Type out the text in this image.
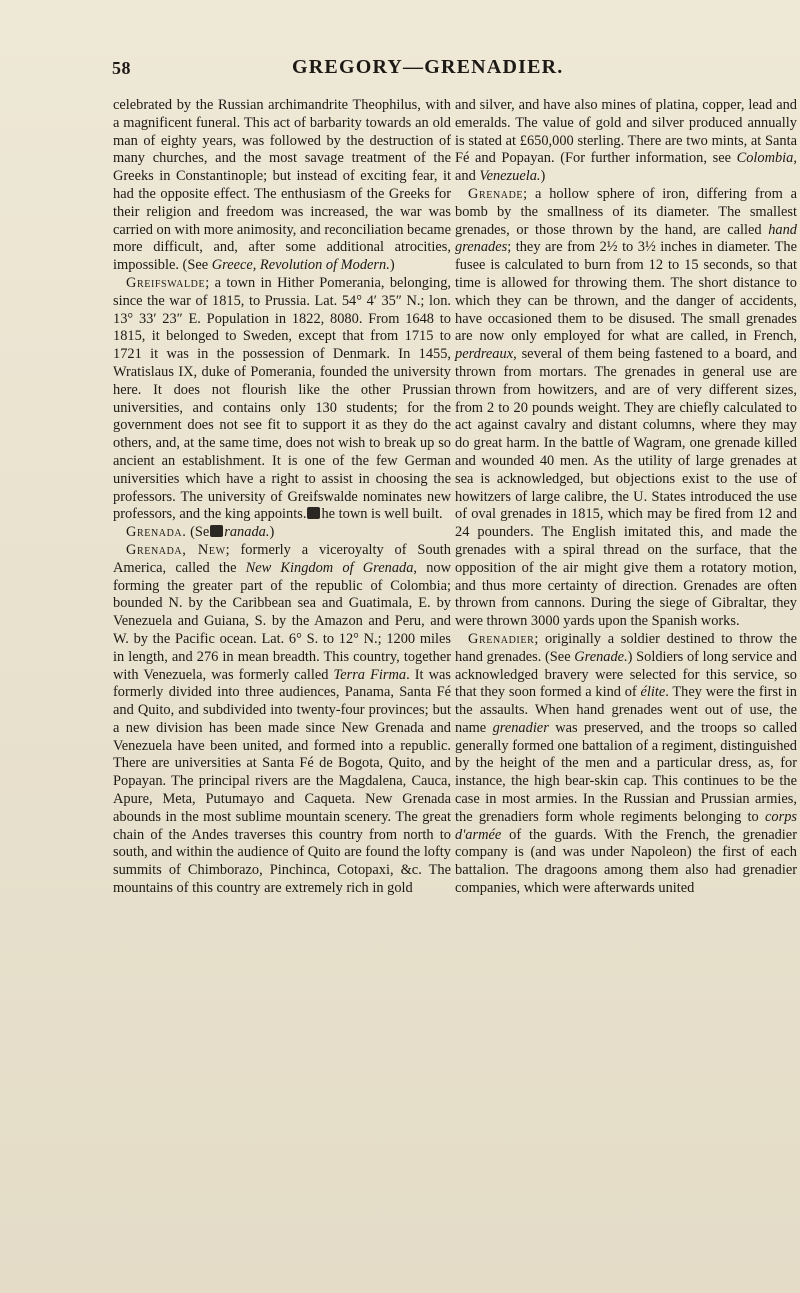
58	GREGORY—GRENADIER.

celebrated by the Russian archimandrite Theophilus, with a magnificent funeral. This act of barbarity towards an old man of eighty years, was followed by the destruction of many churches, and the most savage treatment of the Greeks in Constantinople; but instead of exciting fear, it had the opposite effect. The enthusiasm of the Greeks for their religion and freedom was increased, the war was carried on with more animosity, and reconciliation became more difficult, and, after some additional atrocities, impossible. (See Greece, Revolution of Modern.)

Greifswalde; a town in Hither Pomerania, belonging, since the war of 1815, to Prussia. Lat. 54° 4′ 35″ N.; lon. 13° 33′ 23″ E. Population in 1822, 8080. From 1648 to 1815, it belonged to Sweden, except that from 1715 to 1721 it was in the possession of Denmark. In 1455, Wratislaus IX, duke of Pomerania, founded the university here. It does not flourish like the other Prussian universities, and contains only 130 students; for the government does not see fit to support it as they do the others, and, at the same time, does not wish to break up so ancient an establishment. It is one of the few German universities which have a right to assist in choosing the professors. The university of Greifswalde nominates new professors, and the king appoints. he town is well built.

Grenada. (Se ranada.)

Grenada, New; formerly a viceroyalty of South America, called the New Kingdom of Grenada, now forming the greater part of the republic of Colombia; bounded N. by the Caribbean sea and Guatimala, E. by Venezuela and Guiana, S. by the Amazon and Peru, and W. by the Pacific ocean. Lat. 6° S. to 12° N.; 1200 miles in length, and 276 in mean breadth. This country, together with Venezuela, was formerly called Terra Firma. It was formerly divided into three audiences, Panama, Santa Fé and Quito, and subdivided into twenty-four provinces; but a new division has been made since New Grenada and Venezuela have been united, and formed into a republic. There are universities at Santa Fé de Bogota, Quito, and Popayan. The principal rivers are the Magdalena, Cauca, Apure, Meta, Putumayo and Caqueta. New Grenada abounds in the most sublime mountain scenery. The great chain of the Andes traverses this country from north to south, and within the audience of Quito are found the lofty summits of Chimborazo, Pinchinca, Cotopaxi, &c. The mountains of this country are extremely rich in gold

and silver, and have also mines of platina, copper, lead and emeralds. The value of gold and silver produced annually is stated at £650,000 sterling. There are two mints, at Santa Fé and Popayan. (For further information, see Colombia, and Venezuela.)

Grenade; a hollow sphere of iron, differing from a bomb by the smallness of its diameter. The smallest grenades, or those thrown by the hand, are called hand grenades; they are from 2½ to 3½ inches in diameter. The fusee is calculated to burn from 12 to 15 seconds, so that time is allowed for throwing them. The short distance to which they can be thrown, and the danger of accidents, have occasioned them to be disused. The small grenades are now only employed for what are called, in French, perdreaux, several of them being fastened to a board, and thrown from mortars. The grenades in general use are thrown from howitzers, and are of very different sizes, from 2 to 20 pounds weight. They are chiefly calculated to act against cavalry and distant columns, where they may do great harm. In the battle of Wagram, one grenade killed and wounded 40 men. As the utility of large grenades at sea is acknowledged, but objections exist to the use of howitzers of large calibre, the U. States introduced the use of oval grenades in 1815, which may be fired from 12 and 24 pounders. The English imitated this, and made the grenades with a spiral thread on the surface, that the opposition of the air might give them a rotatory motion, and thus more certainty of direction. Grenades are often thrown from cannons. During the siege of Gibraltar, they were thrown 3000 yards upon the Spanish works.

Grenadier; originally a soldier destined to throw the hand grenades. (See Grenade.) Soldiers of long service and acknowledged bravery were selected for this service, so that they soon formed a kind of élite. They were the first in the assaults. When hand grenades went out of use, the name grenadier was preserved, and the troops so called generally formed one battalion of a regiment, distinguished by the height of the men and a particular dress, as, for instance, the high bear-skin cap. This continues to be the case in most armies. In the Russian and Prussian armies, the grenadiers form whole regiments belonging to corps d'armée of the guards. With the French, the grenadier company is (and was under Napoleon) the first of each battalion. The dragoons among them also had grenadier companies, which were afterwards united
